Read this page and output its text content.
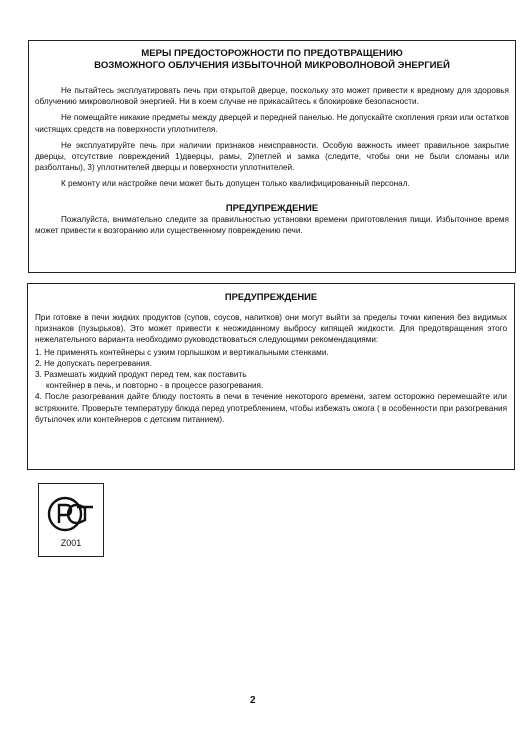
МЕРЫ ПРЕДОСТОРОЖНОСТИ ПО ПРЕДОТВРАЩЕНИЮ
ВОЗМОЖНОГО ОБЛУЧЕНИЯ ИЗБЫТОЧНОЙ МИКРОВОЛНОВОЙ ЭНЕРГИЕЙ

Не пытайтесь эксплуатировать печь при открытой дверце, поскольку это может привести к вредному для здоровья облучению микроволновой энергией. Ни в коем случае не прикасайтесь к блокировке безопасности.

Не помещайте никакие предметы между дверцей и передней панелью. Не допускайте скопления грязи или остатков чистящих средств на поверхности уплотнителя.

Не эксплуатируйте печь при наличии признаков неисправности. Особую важность имеет правильное закрытие дверцы, отсутствие повреждений 1)дверцы, рамы, 2)петлей и замка (следите, чтобы они не были сломаны или разболтаны), 3) уплотнителей дверцы и поверхности уплотнителей.

К ремонту или настройке печи может быть допущен только квалифицированный персонал.

ПРЕДУПРЕЖДЕНИЕ

Пожалуйста, внимательно следите за правильностью установки времени приготовления пищи. Избыточное время может привести к возгоранию или существенному повреждению печи.

ПРЕДУПРЕЖДЕНИЕ

При готовке в печи жидких продуктов (супов, соусов, напитков) они могут выйти за пределы точки кипения без видимых признаков (пузырьков). Это может привести к неожиданному выбросу кипящей жидкости. Для предотвращения этого нежелательного варианта необходимо руководствоваться следующими рекомендациями:

1. Не применять контейнеры с узким горлышком и вертикальными стенками.

2. Не допускать перегревания.

3. Размешать жидкий продукт перед тем, как поставить
контейнер в печь, и повторно - в процессе разогревания.

4. После разогревания дайте блюду постоять в печи в течение некоторого времени, затем осторожно перемешайте или встряхните. Проверьте температуру блюда перед употреблением, чтобы избежать ожога ( в особенности при разогревания бутылочек или контейнеров с детским питанием).

Z001
2
